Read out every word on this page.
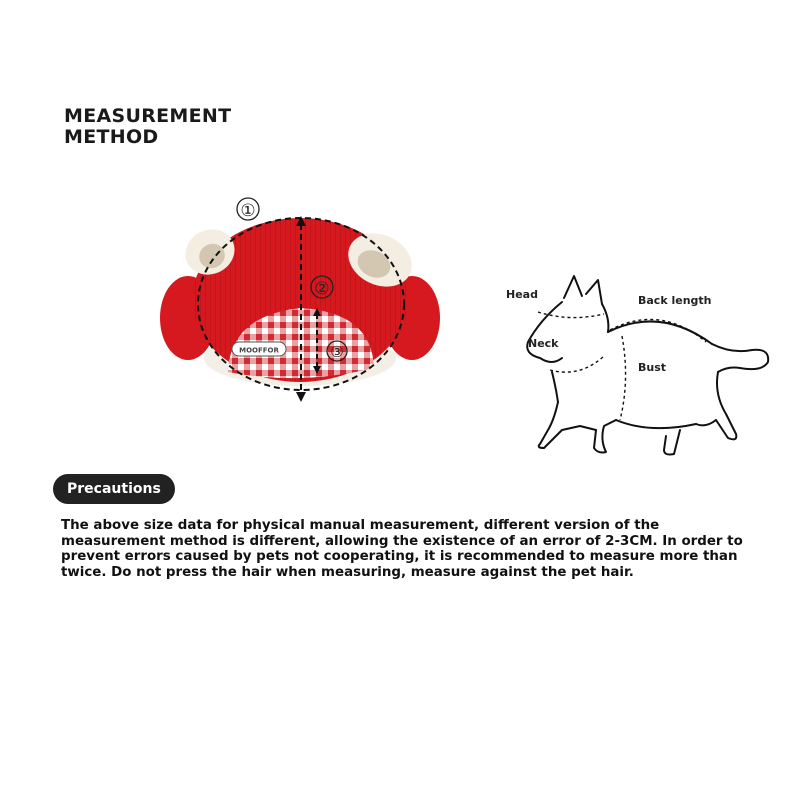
MEASUREMENT
METHOD
MOOFFOR
①
②
③
Head	Back length
Neck
Bust
Precautions
The above size data for physical manual measurement, different version of the measurement method is different, allowing the existence of an error of 2-3CM. In order to prevent errors caused by pets not cooperating, it is recommended to measure more than twice. Do not press the hair when measuring, measure against the pet hair.
